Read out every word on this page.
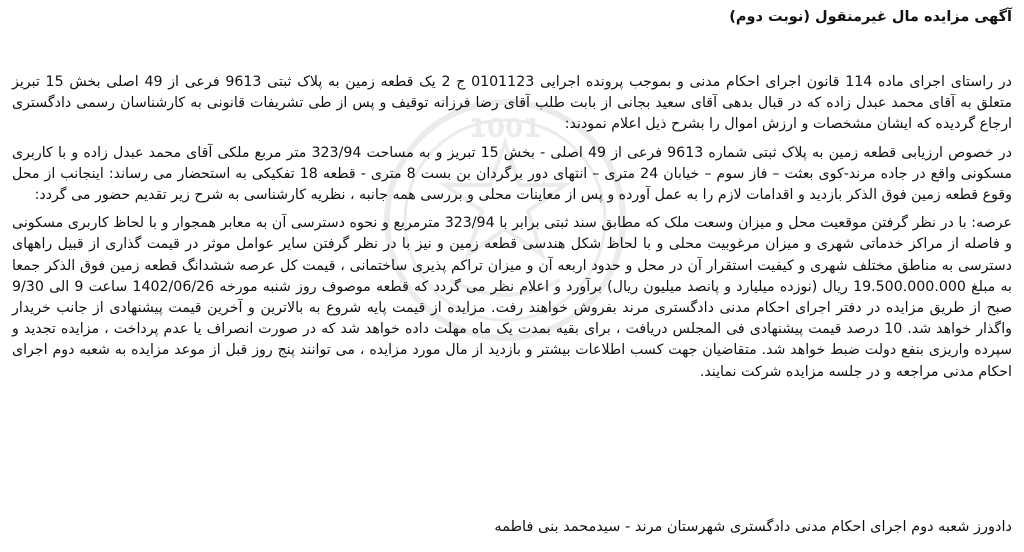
آگهی مزایده مال غیرمنقول (نوبت دوم)
1001

در راستای اجرای ماده 114 قانون اجرای احکام مدنی و بموجب پرونده اجرایی 0101123 ج 2 یک قطعه زمین به پلاک ثبتی 9613 فرعی از 49 اصلی بخش 15 تبریز متعلق به آقای محمد عبدل زاده که در قبال بدهی آقای سعید بجانی از بابت طلب آقای رضا فرزانه توقیف و پس از طی تشریفات قانونی به کارشناسان رسمی دادگستری ارجاع گردیده که ایشان مشخصات و ارزش اموال را بشرح ذیل اعلام نمودند:

در خصوص ارزیابی قطعه زمین به پلاک ثبتی شماره 9613 فرعی از 49 اصلی - بخش 15 تبریز و به مساحت 323/94 متر مربع ملکی آقای محمد عبدل زاده و با کاربری مسکونی واقع در جاده مرند-کوی بعثت – فاز سوم – خیابان 24 متری – انتهای دور برگردان بن بست 8 متری - قطعه 18 تفکیکی به استحضار می رساند: اینجانب از محل وقوع قطعه زمین فوق الذکر بازدید و اقدامات لازم را به عمل آورده و پس از معاینات محلی و بررسی همه جانبه ، نظریه کارشناسی به شرح زیر تقدیم حضور می گردد:

عرصه: با در نظر گرفتن موقعیت محل و میزان وسعت ملک که مطابق سند ثبتی برابر با 323/94 مترمربع و نحوه دسترسی آن به معابر همجوار و با لحاظ کاربری مسکونی و فاصله از مراکز خدماتی شهری و میزان مرغوبیت محلی و با لحاظ شکل هندسی قطعه زمین و نیز با در نظر گرفتن سایر عوامل موثر در قیمت گذاری از قبیل راههای دسترسی به مناطق مختلف شهری و کیفیت استقرار آن در محل و حدود اربعه آن و میزان تراکم پذیری ساختمانی ، قیمت کل عرصه ششدانگ قطعه زمین فوق الذکر جمعا به مبلغ 19.500.000.000 ریال (نوزده میلیارد و پانصد میلیون ریال) برآورد و اعلام نظر می گردد که قطعه موصوف روز شنبه مورخه 1402/06/26 ساعت 9 الی 9/30 صبح از طریق مزایده در دفتر اجرای احکام مدنی دادگستری مرند بفروش خواهند رفت. مزایده از قیمت پایه شروع به بالاترین و آخرین قیمت پیشنهادی از جانب خریدار واگذار خواهد شد. 10 درصد قیمت پیشنهادی فی المجلس دریافت ، برای بقیه بمدت یک ماه مهلت داده خواهد شد که در صورت انصراف یا عدم پرداخت ، مزایده تجدید و سپرده واریزی بنفع دولت ضبط خواهد شد. متقاضیان جهت کسب اطلاعات بیشتر و بازدید از مال مورد مزایده ، می توانند پنج روز قبل از موعد مزایده به شعبه دوم اجرای احکام مدنی مراجعه و در جلسه مزایده شرکت نمایند.

دادورز شعبه دوم اجرای احکام مدنی دادگستری شهرستان مرند - سیدمحمد بنی فاطمه
